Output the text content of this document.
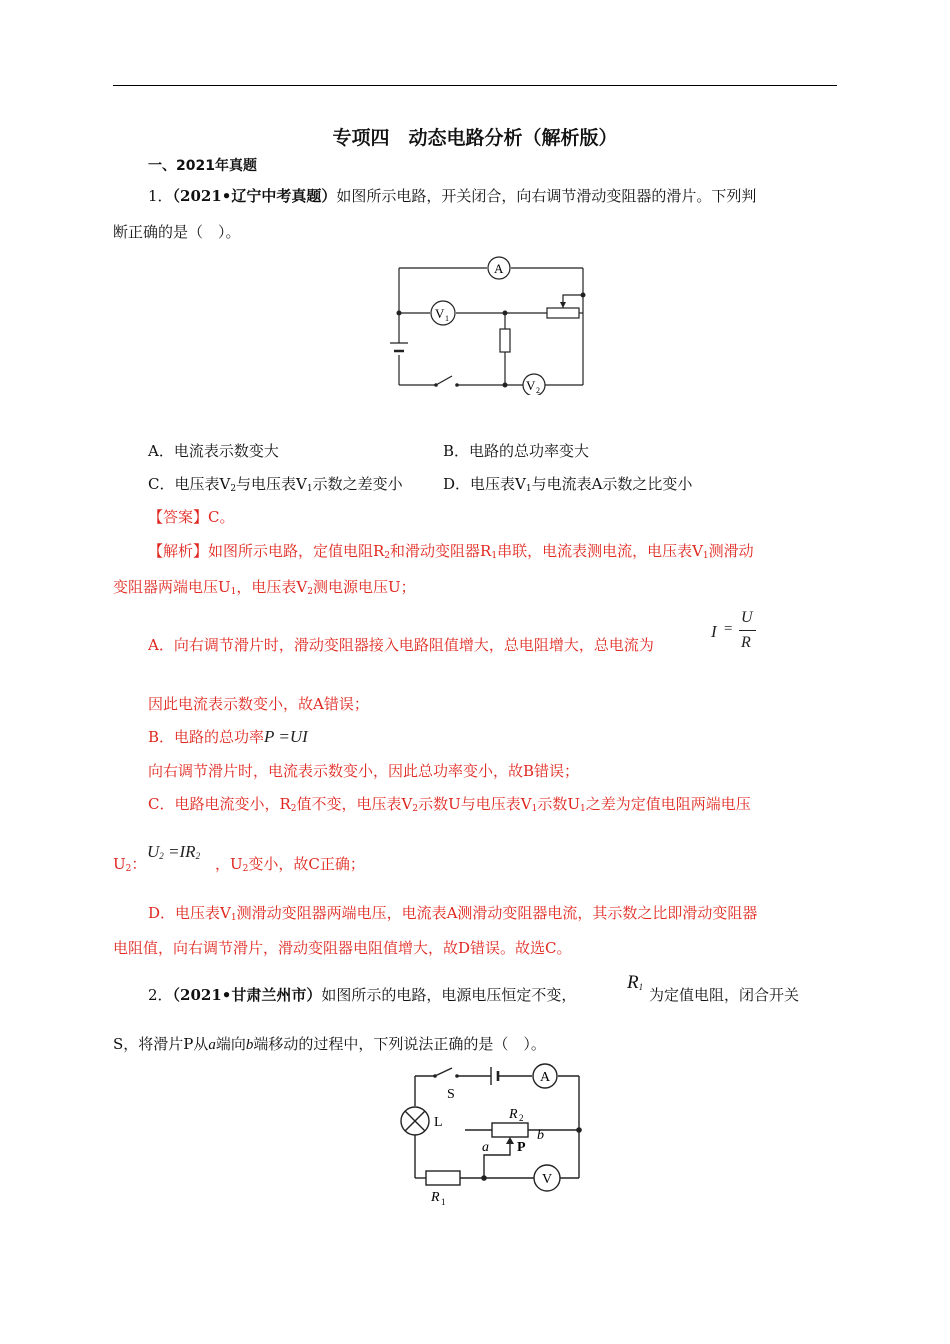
专项四　动态电路分析（解析版）
一、2021年真题
1．（2021•辽宁中考真题）如图所示电路，开关闭合，向右调节滑动变阻器的滑片。下列判
断正确的是（　）。
A
V 1
V 2
A．电流表示数变大	B．电路的总功率变大
C．电压表$V_2$与电压表$V_1$示数之差变小	D．电压表$V_1$与电流表A示数之比变小
【答案】C。
【解析】如图所示电路，定值电阻$R_2$和滑动变阻器$R_1$串联，电流表测电流，电压表$V_1$测滑动
变阻器两端电压$U_1$，电压表$V_2$测电源电压U；
A．向右调节滑片时，滑动变阻器接入电路阻值增大，总电阻增大，总电流为
I =
U
R
因此电流表示数变小，故A错误；
B．电路的总功率P =UI
向右调节滑片时，电流表示数变小，因此总功率变小，故B错误；
C．电路电流变小，$R_2$值不变，电压表$V_2$示数U与电压表$V_1$示数$U_1$之差为定值电阻两端电压
$U_2$：
$U_2 =IR_2$ ，$U_2$变小，故C正确；
D．电压表$V_1$测滑动变阻器两端电压，电流表A测滑动变阻器电流，其示数之比即滑动变阻器
电阻值，向右调节滑片，滑动变阻器电阻值增大，故D错误。故选C。
2．（2021•甘肃兰州市）如图所示的电路，电源电压恒定不变，
$R_1$ 为定值电阻，闭合开关
S，将滑片P从a端向b端移动的过程中，下列说法正确的是（　）。
S
A
R 2
L
a
b
P
V
R 1
